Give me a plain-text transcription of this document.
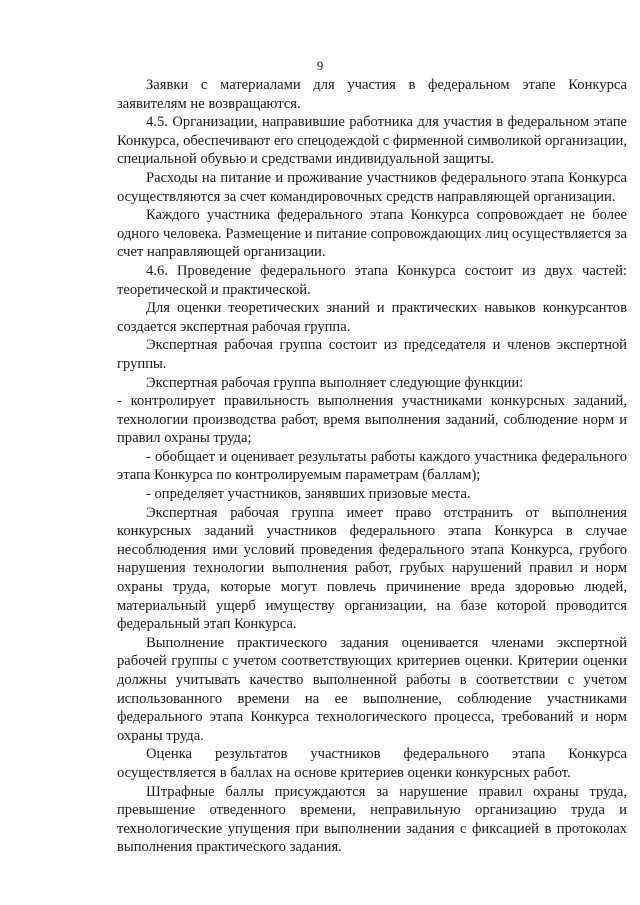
9

Заявки с материалами для участия в федеральном этапе Конкурса заявителям не возвращаются.

4.5. Организации, направившие работника для участия в федеральном этапе Конкурса, обеспечивают его спецодеждой с фирменной символикой организации, специальной обувью и средствами индивидуальной защиты.

Расходы на питание и проживание участников федерального этапа Конкурса осуществляются за счет командировочных средств направляющей организации.

Каждого участника федерального этапа Конкурса сопровождает не более одного человека. Размещение и питание сопровождающих лиц осуществляется за счет направляющей организации.

4.6. Проведение федерального этапа Конкурса состоит из двух частей: теоретической и практической.

Для оценки теоретических знаний и практических навыков конкурсантов создается экспертная рабочая группа.

Экспертная рабочая группа состоит из председателя и членов экспертной группы.

Экспертная рабочая группа выполняет следующие функции:

- контролирует правильность выполнения участниками конкурсных заданий, технологии производства работ, время выполнения заданий, соблюдение норм и правил охраны труда;

- обобщает и оценивает результаты работы каждого участника федерального этапа Конкурса по контролируемым параметрам (баллам);

- определяет участников, занявших призовые места.

Экспертная рабочая группа имеет право отстранить от выполнения конкурсных заданий участников федерального этапа Конкурса в случае несоблюдения ими условий проведения федерального этапа Конкурса, грубого нарушения технологии выполнения работ, грубых нарушений правил и норм охраны труда, которые могут повлечь причинение вреда здоровью людей, материальный ущерб имуществу организации, на базе которой проводится федеральный этап Конкурса.

Выполнение практического задания оценивается членами экспертной рабочей группы с учетом соответствующих критериев оценки. Критерии оценки должны учитывать качество выполненной работы в соответствии с учетом использованного времени на ее выполнение, соблюдение участниками федерального этапа Конкурса технологического процесса, требований и норм охраны труда.

Оценка результатов участников федерального этапа Конкурса осуществляется в баллах на основе критериев оценки конкурсных работ.

Штрафные баллы присуждаются за нарушение правил охраны труда, превышение отведенного времени, неправильную организацию труда и технологические упущения при выполнении задания с фиксацией в протоколах выполнения практического задания.
